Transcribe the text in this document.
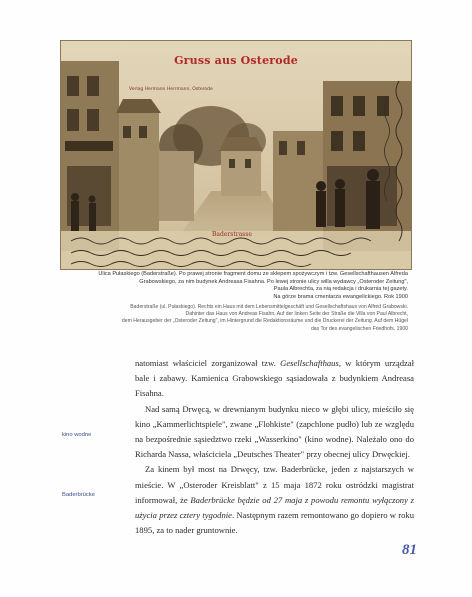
Gruss aus Osterode
Verlag Hermann Herrmann, Osterode
Baderstrasse
Ulica Pułaskiego (Baderstraße). Po prawej stronie fragment domu ze sklepem spożywczym i tzw. Gesellschafthausen Alfreda
Grabowskiego, za nim budynek Andreasa Fisahna. Po lewej stronie ulicy willa wydawcy „Osteroder Zeitung",
Paula Albrechta, za nią redakcja i drukarnia tej gazety.
Na górze brama cmentarza ewangelickiego. Rok 1900
Baderstraße (ul. Pułaskiego). Rechts ein Haus mit dem Lebensmittelgeschäft und Gesellschaftshaus von Alfred Grabowski.
Dahinter das Haus von Andreas Fisahn. Auf der linken Seite der Straße die Villa von Paul Albrecht,
dem Herausgeber der „Osteroder Zeitung", im Hintergrund die Redaktionsräume und die Druckerei der Zeitung. Auf dem Hügel
das Tor des evangelischen Friedhofs, 1900

natomiast właściciel zorganizował tzw. Gesellschafthaus, w którym urządzał bale i zabawy. Kamienica Grabowskiego sąsiadowała z budynkiem Andreasa Fisahna.

Nad samą Drwęcą, w drewnianym budynku nieco w głębi ulicy, mieściło się kino „Kammerlichtspiele", zwane „Flohkiste" (zapchlone pudło) lub ze względu na bezpośrednie sąsiedztwo rzeki „Wasserkino" (kino wodne). Należało ono do Richarda Nassa, właściciela „Deutsches Theater" przy obecnej ulicy Drwęckiej.

Za kinem był most na Drwęcy, tzw. Baderbrücke, jeden z najstarszych w mieście. W „Osteroder Kreisblatt" z 15 maja 1872 roku ostródzki magistrat informował, że Baderbrücke będzie od 27 maja z powodu remontu wyłączony z użycia przez cztery tygodnie. Następnym razem remontowano go dopiero w roku 1895, za to nader gruntownie.

kino wodne
Baderbrücke
81
